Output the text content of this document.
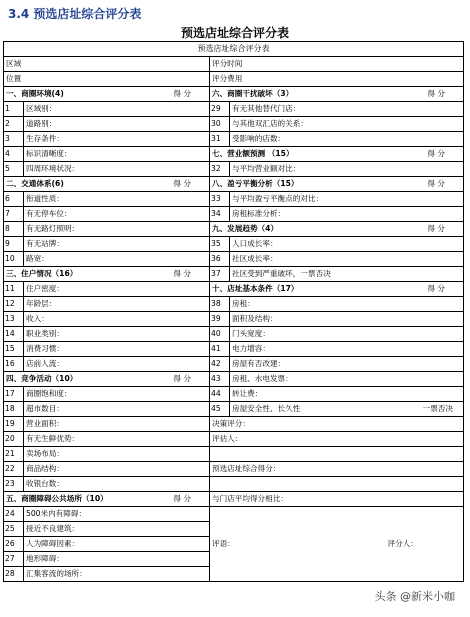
3.4 预选店址综合评分表
预选店址综合评分表
预选店址综合评分表			
区域		评分时间	
位置		评分费用	
一、商圈环境(4) 得 分		六、商圈干扰破坏（3） 得 分	

1	区域别：	29	有无其他替代门店：
2	道路别：	30	与其他双汇店的关系：
3	生存条件：	31	受影响的店数：
4	标识清晰度：	七、营业额预测 （15） 得 分	

5	四周环境状况：	32	与平均营业额对比：
二、交通体系(6) 得 分		八、盈亏平衡分析（15） 得 分	

6	衔道性质：	33	与平均盈亏平衡点的对比：
7	有无停车位：	34	房租标准分析：
8	有无路灯照明：	九、发展趋势（4） 得 分	

9	有无站牌：	35	人口成长率：
10	路宽：	36	社区成长率：
三、住户情况（16） 得 分		37	社区受到严重破坏，一票否决
11	住户密度：	十、店址基本条件（17） 得 分	

12	年龄层：	38	房租：
13	收入：	39	面积及结构：
14	职业类别：	40	门头宽度：
15	消费习惯：	41	电力增容：
16	店前人流：	42	房屋有否改建：
四、竞争活动（10） 得 分		43	房租、水电发票：
17	商圈饱和度：	44	转让费：
18	超市数目：	45	房屋安全性、长久性 一票否决

19	营业面积：	决策评分：	
20	有无生鲜优势：	评估人：	
21	卖场布局：		
22	商品结构：	预选店址综合得分：	
23	收银台数：		
五、商圈障碍公共场所（10） 得 分		与门店平均得分相比：	
24	500米内有障碍：	评语： 评分人：	

25	接近不良建筑：		
26	人为障碍因素：		
27	地形障碍：		
28	汇集客流的场所：		
头条 @新米小咖
